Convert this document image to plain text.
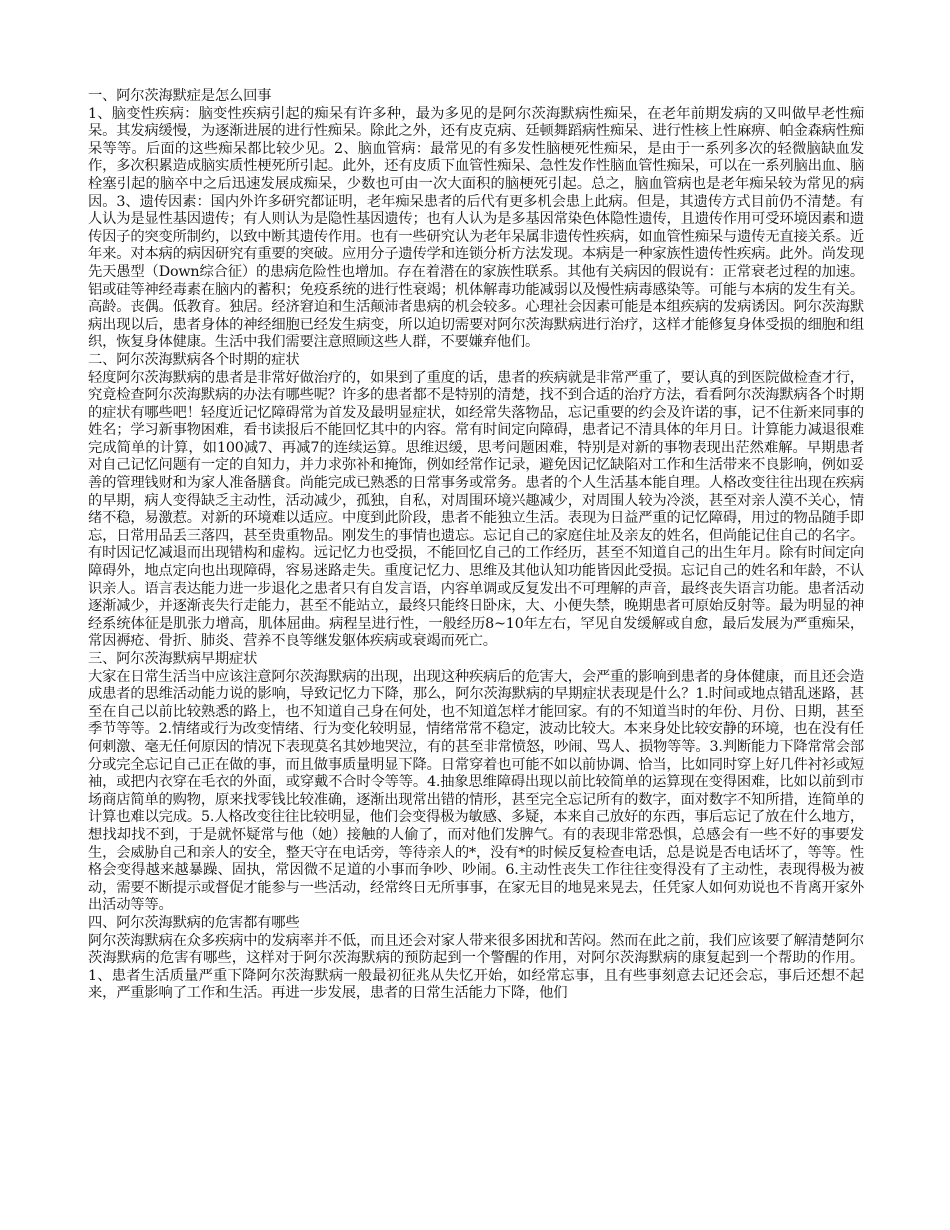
一、阿尔茨海默症是怎么回事

1、脑变性疾病：脑变性疾病引起的痴呆有许多种，最为多见的是阿尔茨海默病性痴呆，在老年前期发病的又叫做早老性痴呆。其发病缓慢，为逐渐进展的进行性痴呆。除此之外，还有皮克病、廷顿舞蹈病性痴呆、进行性核上性麻痹、帕金森病性痴呆等等。后面的这些痴呆都比较少见。2、脑血管病：最常见的有多发性脑梗死性痴呆，是由于一系列多次的轻微脑缺血发作，多次积累造成脑实质性梗死所引起。此外，还有皮质下血管性痴呆、急性发作性脑血管性痴呆，可以在一系列脑出血、脑栓塞引起的脑卒中之后迅速发展成痴呆，少数也可由一次大面积的脑梗死引起。总之，脑血管病也是老年痴呆较为常见的病因。3、遗传因素：国内外许多研究都证明，老年痴呆患者的后代有更多机会患上此病。但是，其遗传方式目前仍不清楚。有人认为是显性基因遗传；有人则认为是隐性基因遗传；也有人认为是多基因常染色体隐性遗传，且遗传作用可受环境因素和遗传因子的突变所制约，以致中断其遗传作用。也有一些研究认为老年呆属非遗传性疾病，如血管性痴呆与遗传无直接关系。近年来。对本病的病因研究有重要的突破。应用分子遗传学和连锁分析方法发现。本病是一种家族性遗传性疾病。此外。尚发现先天愚型（Down综合征）的患病危险性也增加。存在着潜在的家族性联系。其他有关病因的假说有：正常衰老过程的加速。铝或硅等神经毒素在脑内的蓄积；免疫系统的进行性衰竭；机体解毒功能减弱以及慢性病毒感染等。可能与本病的发生有关。高龄。丧偶。低教育。独居。经济窘迫和生活颠沛者患病的机会较多。心理社会因素可能是本组疾病的发病诱因。阿尔茨海默病出现以后，患者身体的神经细胞已经发生病变，所以迫切需要对阿尔茨海默病进行治疗，这样才能修复身体受损的细胞和组织，恢复身体健康。生活中我们需要注意照顾这些人群，不要嫌弃他们。

二、阿尔茨海默病各个时期的症状

轻度阿尔茨海默病的患者是非常好做治疗的，如果到了重度的话，患者的疾病就是非常严重了，要认真的到医院做检查才行，究竟检查阿尔茨海默病的办法有哪些呢？许多的患者都不是特别的清楚，找不到合适的治疗方法，看看阿尔茨海默病各个时期的症状有哪些吧！轻度近记忆障碍常为首发及最明显症状，如经常失落物品，忘记重要的约会及许诺的事，记不住新来同事的姓名；学习新事物困难，看书读报后不能回忆其中的内容。常有时间定向障碍，患者记不清具体的年月日。计算能力减退很难完成简单的计算，如100减7、再减7的连续运算。思维迟缓，思考问题困难，特别是对新的事物表现出茫然难解。早期患者对自己记忆问题有一定的自知力，并力求弥补和掩饰，例如经常作记录，避免因记忆缺陷对工作和生活带来不良影响，例如妥善的管理钱财和为家人准备膳食。尚能完成已熟悉的日常事务或常务。患者的个人生活基本能自理。人格改变往往出现在疾病的早期，病人变得缺乏主动性，活动减少，孤独，自私，对周围环境兴趣减少，对周围人较为冷淡，甚至对亲人漠不关心，情绪不稳，易激惹。对新的环境难以适应。中度到此阶段，患者不能独立生活。表现为日益严重的记忆障碍，用过的物品随手即忘，日常用品丢三落四，甚至贵重物品。刚发生的事情也遗忘。忘记自己的家庭住址及亲友的姓名，但尚能记住自己的名字。有时因记忆减退而出现错构和虚构。远记忆力也受损，不能回忆自己的工作经历，甚至不知道自己的出生年月。除有时间定向障碍外，地点定向也出现障碍，容易迷路走失。重度记忆力、思维及其他认知功能皆因此受损。忘记自己的姓名和年龄，不认识亲人。语言表达能力进一步退化之患者只有自发言语，内容单调或反复发出不可理解的声音，最终丧失语言功能。患者活动逐渐减少，并逐渐丧失行走能力，甚至不能站立，最终只能终日卧床，大、小便失禁，晚期患者可原始反射等。最为明显的神经系统体征是肌张力增高，肌体屈曲。病程呈进行性，一般经历8~10年左右，罕见自发缓解或自愈，最后发展为严重痴呆，常因褥疮、骨折、肺炎、营养不良等继发躯体疾病或衰竭而死亡。

三、阿尔茨海默病早期症状

大家在日常生活当中应该注意阿尔茨海默病的出现，出现这种疾病后的危害大，会严重的影响到患者的身体健康，而且还会造成患者的思维活动能力说的影响，导致记忆力下降，那么，阿尔茨海默病的早期症状表现是什么？1.时间或地点错乱迷路，甚至在自己以前比较熟悉的路上，也不知道自己身在何处，也不知道怎样才能回家。有的不知道当时的年份、月份、日期，甚至季节等等。2.情绪或行为改变情绪、行为变化较明显，情绪常常不稳定，波动比较大。本来身处比较安静的环境，也在没有任何刺激、毫无任何原因的情况下表现莫名其妙地哭泣，有的甚至非常愤怒，吵闹、骂人、损物等等。3.判断能力下降常常会部分或完全忘记自己正在做的事，而且做事质量明显下降。日常穿着也可能不如以前协调、恰当，比如同时穿上好几件衬衫或短袖，或把内衣穿在毛衣的外面，或穿戴不合时令等等。4.抽象思维障碍出现以前比较简单的运算现在变得困难，比如以前到市场商店简单的购物，原来找零钱比较准确，逐渐出现常出错的情形，甚至完全忘记所有的数字，面对数字不知所措，连简单的计算也难以完成。5.人格改变往往比较明显，他们会变得极为敏感、多疑，本来自己放好的东西，事后忘记了放在什么地方，想找却找不到，于是就怀疑常与他（她）接触的人偷了，而对他们发脾气。有的表现非常恐惧，总感会有一些不好的事要发生，会威胁自己和亲人的安全，整天守在电话旁，等待亲人的*，没有*的时候反复检查电话，总是说是否电话坏了，等等。性格会变得越来越暴躁、固执，常因微不足道的小事而争吵、吵闹。6.主动性丧失工作往往变得没有了主动性，表现得极为被动，需要不断提示或督促才能参与一些活动，经常终日无所事事，在家无目的地晃来晃去，任凭家人如何劝说也不肯离开家外出活动等等。

四、阿尔茨海默病的危害都有哪些

阿尔茨海默病在众多疾病中的发病率并不低，而且还会对家人带来很多困扰和苦闷。然而在此之前，我们应该要了解清楚阿尔茨海默病的危害有哪些，这样对于阿尔茨海默病的预防起到一个警醒的作用，对阿尔茨海默病的康复起到一个帮助的作用。1、患者生活质量严重下降阿尔茨海默病一般最初征兆从失忆开始，如经常忘事，且有些事刻意去记还会忘，事后还想不起来，严重影响了工作和生活。再进一步发展，患者的日常生活能力下降，他们
